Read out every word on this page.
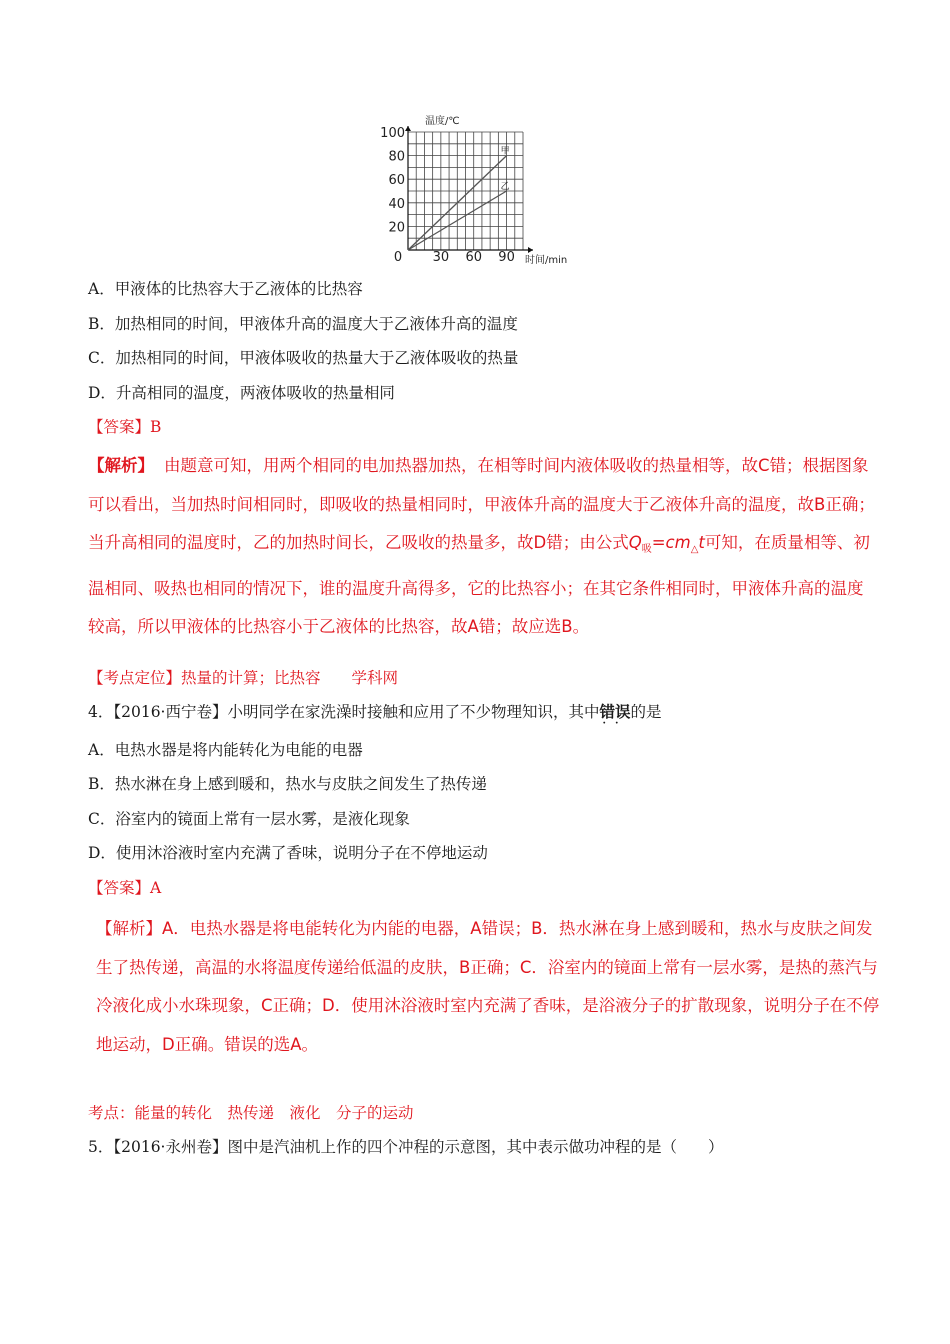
0 30 60 90
20
40
60
80
100
甲
乙
温度/℃
时间/min
A．甲液体的比热容大于乙液体的比热容
B．加热相同的时间，甲液体升高的温度大于乙液体升高的温度
C．加热相同的时间，甲液体吸收的热量大于乙液体吸收的热量
D．升高相同的温度，两液体吸收的热量相同
【答案】B
【解析】 由题意可知，用两个相同的电加热器加热，在相等时间内液体吸收的热量相等，故C错；根据图象可以看出，当加热时间相同时，即吸收的热量相同时，甲液体升高的温度大于乙液体升高的温度，故B正确；当升高相同的温度时，乙的加热时间长，乙吸收的热量多，故D错；由公式$Q_吸=cm_\triangle t$可知，在质量相等、初温相同、吸热也相同的情况下，谁的温度升高得多，它的比热容小；在其它条件相同时，甲液体升高的温度较高，所以甲液体的比热容小于乙液体的比热容，故A错；故应选B。
【考点定位】热量的计算；比热容　　学科网
4．【2016·西宁卷】小明同学在家洗澡时接触和应用了不少物理知识，其中错误
··
的是
A．电热水器是将内能转化为电能的电器
B．热水淋在身上感到暖和，热水与皮肤之间发生了热传递
C．浴室内的镜面上常有一层水雾，是液化现象
D．使用沐浴液时室内充满了香味，说明分子在不停地运动
【答案】A
【解析】A．电热水器是将电能转化为内能的电器，A错误；B．热水淋在身上感到暖和，热水与皮肤之间发生了热传递，高温的水将温度传递给低温的皮肤，B正确；C．浴室内的镜面上常有一层水雾，是热的蒸汽与冷液化成小水珠现象，C正确；D．使用沐浴液时室内充满了香味，是浴液分子的扩散现象，说明分子在不停地运动，D正确。错误的选A。
考点：能量的转化　热传递　液化　分子的运动
5．【2016·永州卷】图中是汽油机上作的四个冲程的示意图，其中表示做功冲程的是（　　）
